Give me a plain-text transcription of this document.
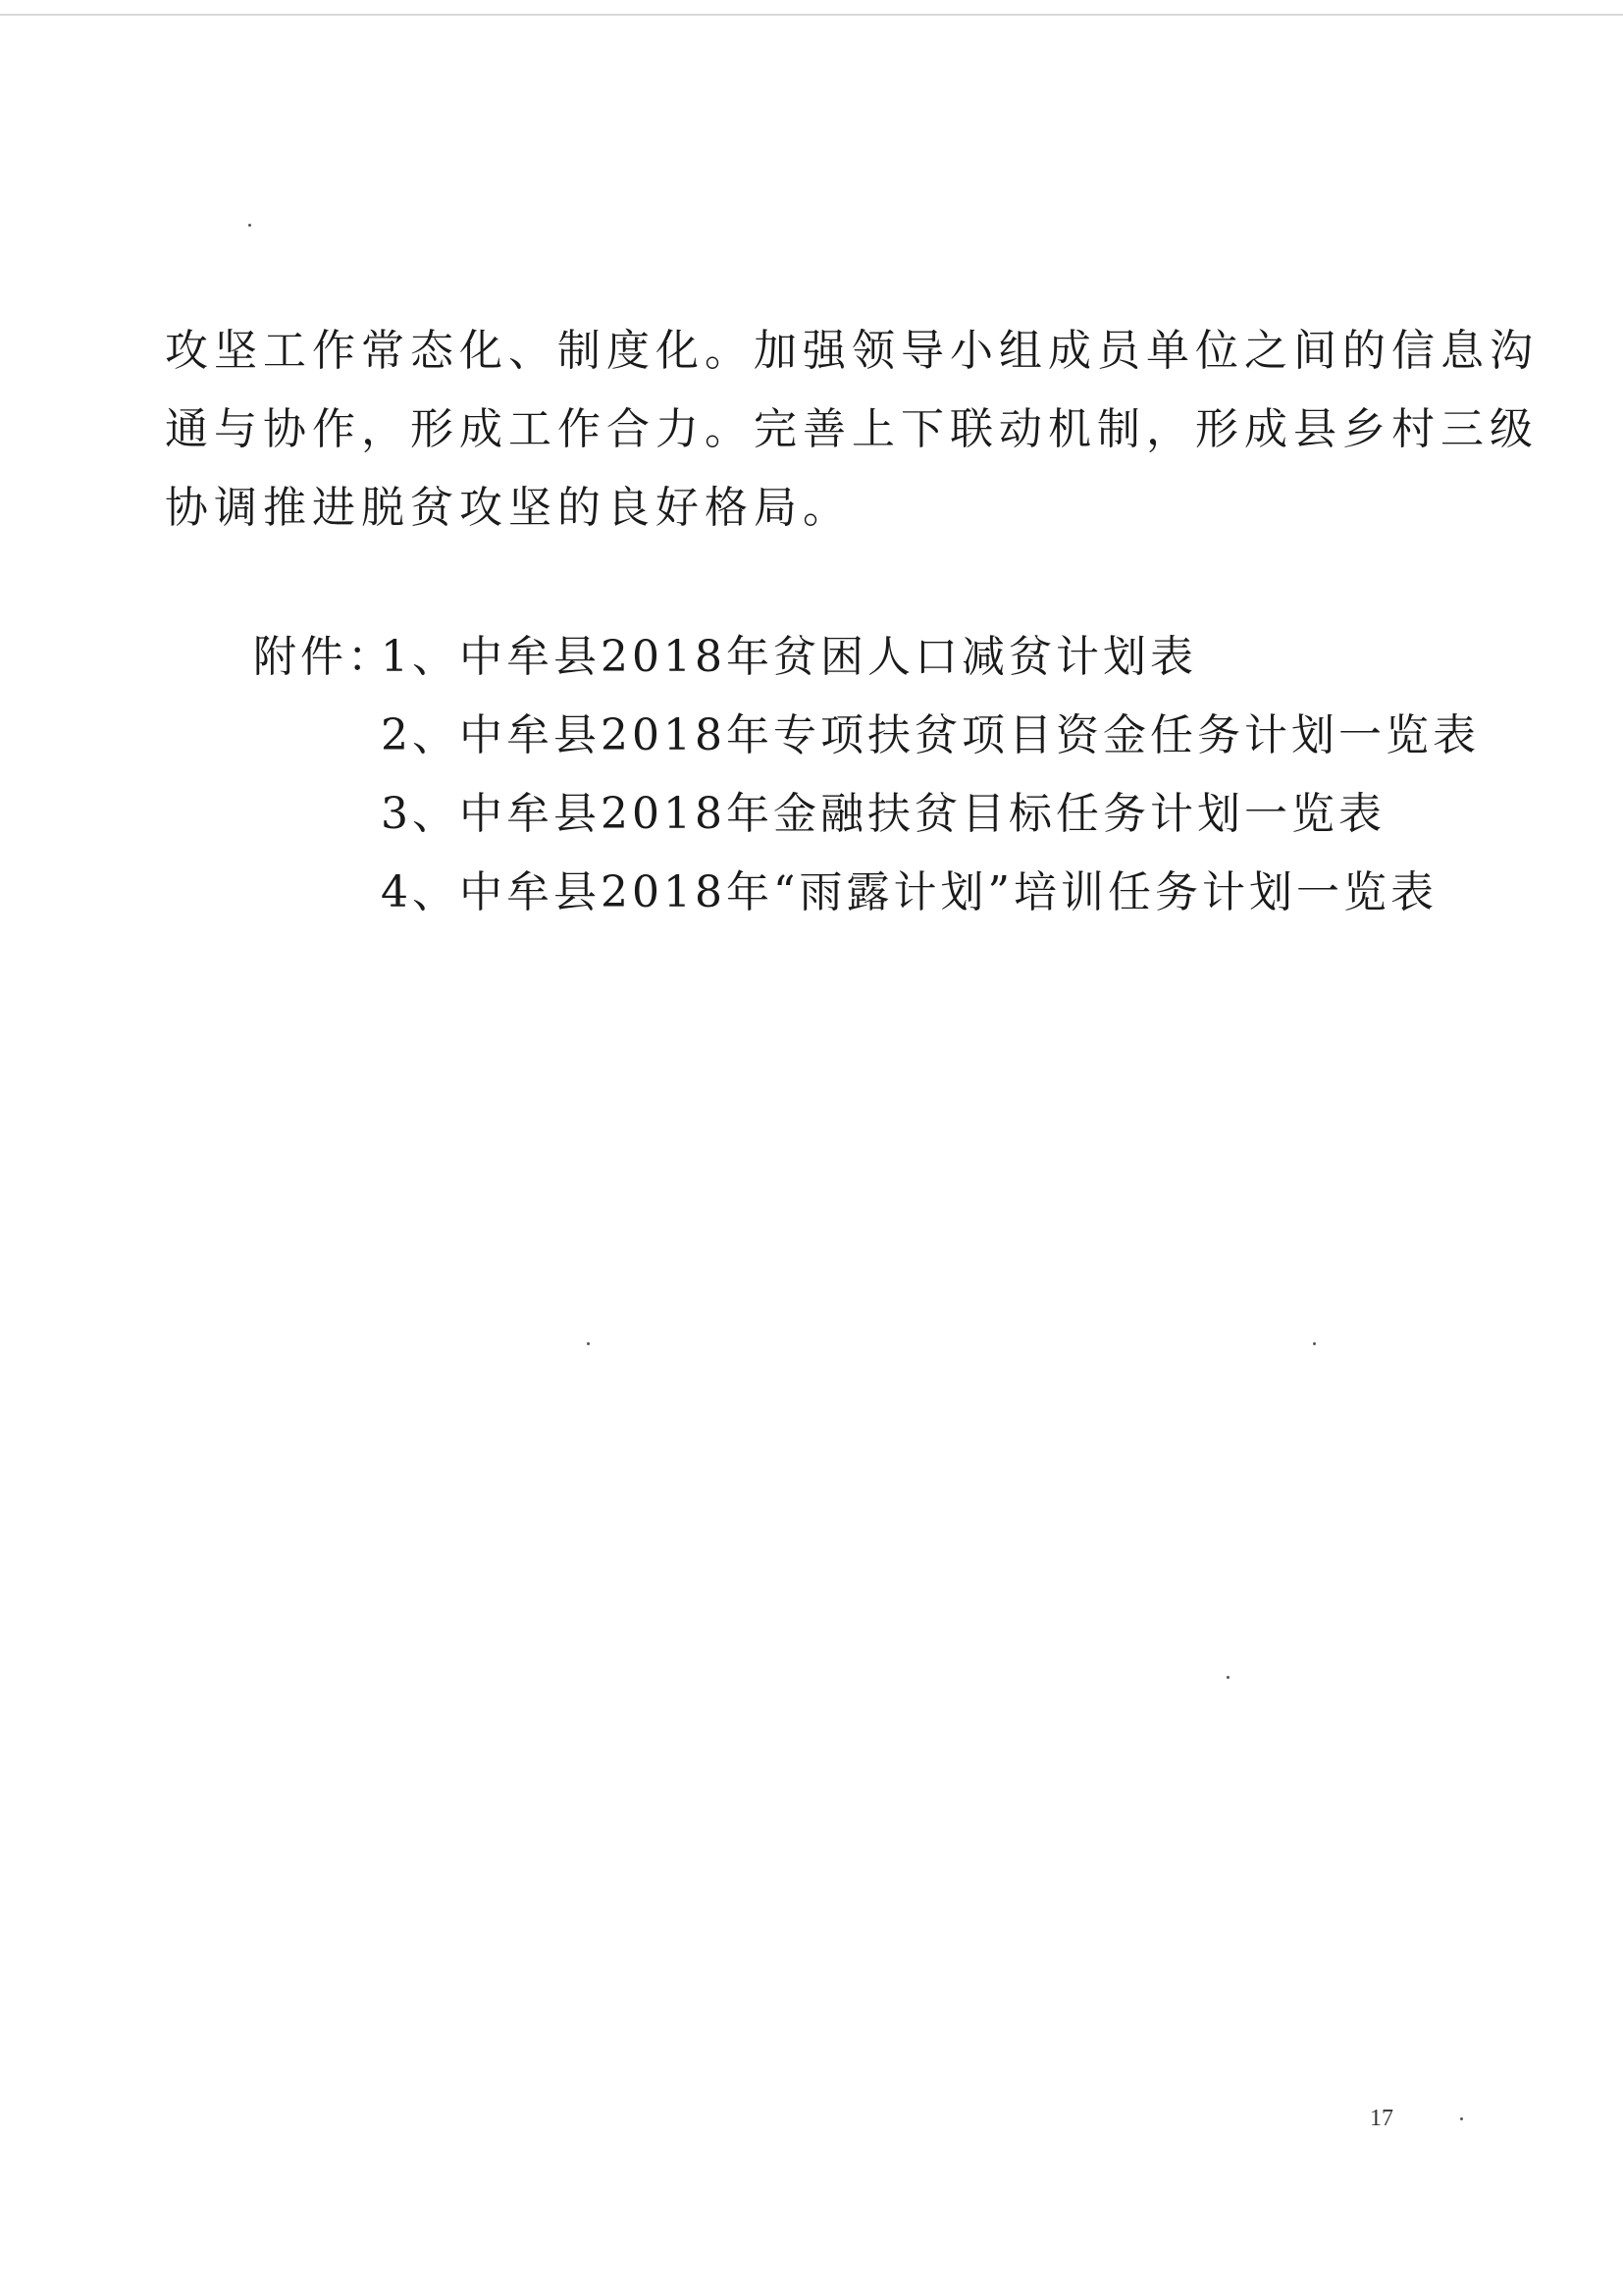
攻坚工作常态化、制度化。加强领导小组成员单位之间的信息沟
通与协作，形成工作合力。完善上下联动机制，形成县乡村三级
协调推进脱贫攻坚的良好格局。
附件：1、中牟县2018年贫困人口减贫计划表
2、中牟县2018年专项扶贫项目资金任务计划一览表
3、中牟县2018年金融扶贫目标任务计划一览表
4、中牟县2018年“雨露计划”培训任务计划一览表
17
